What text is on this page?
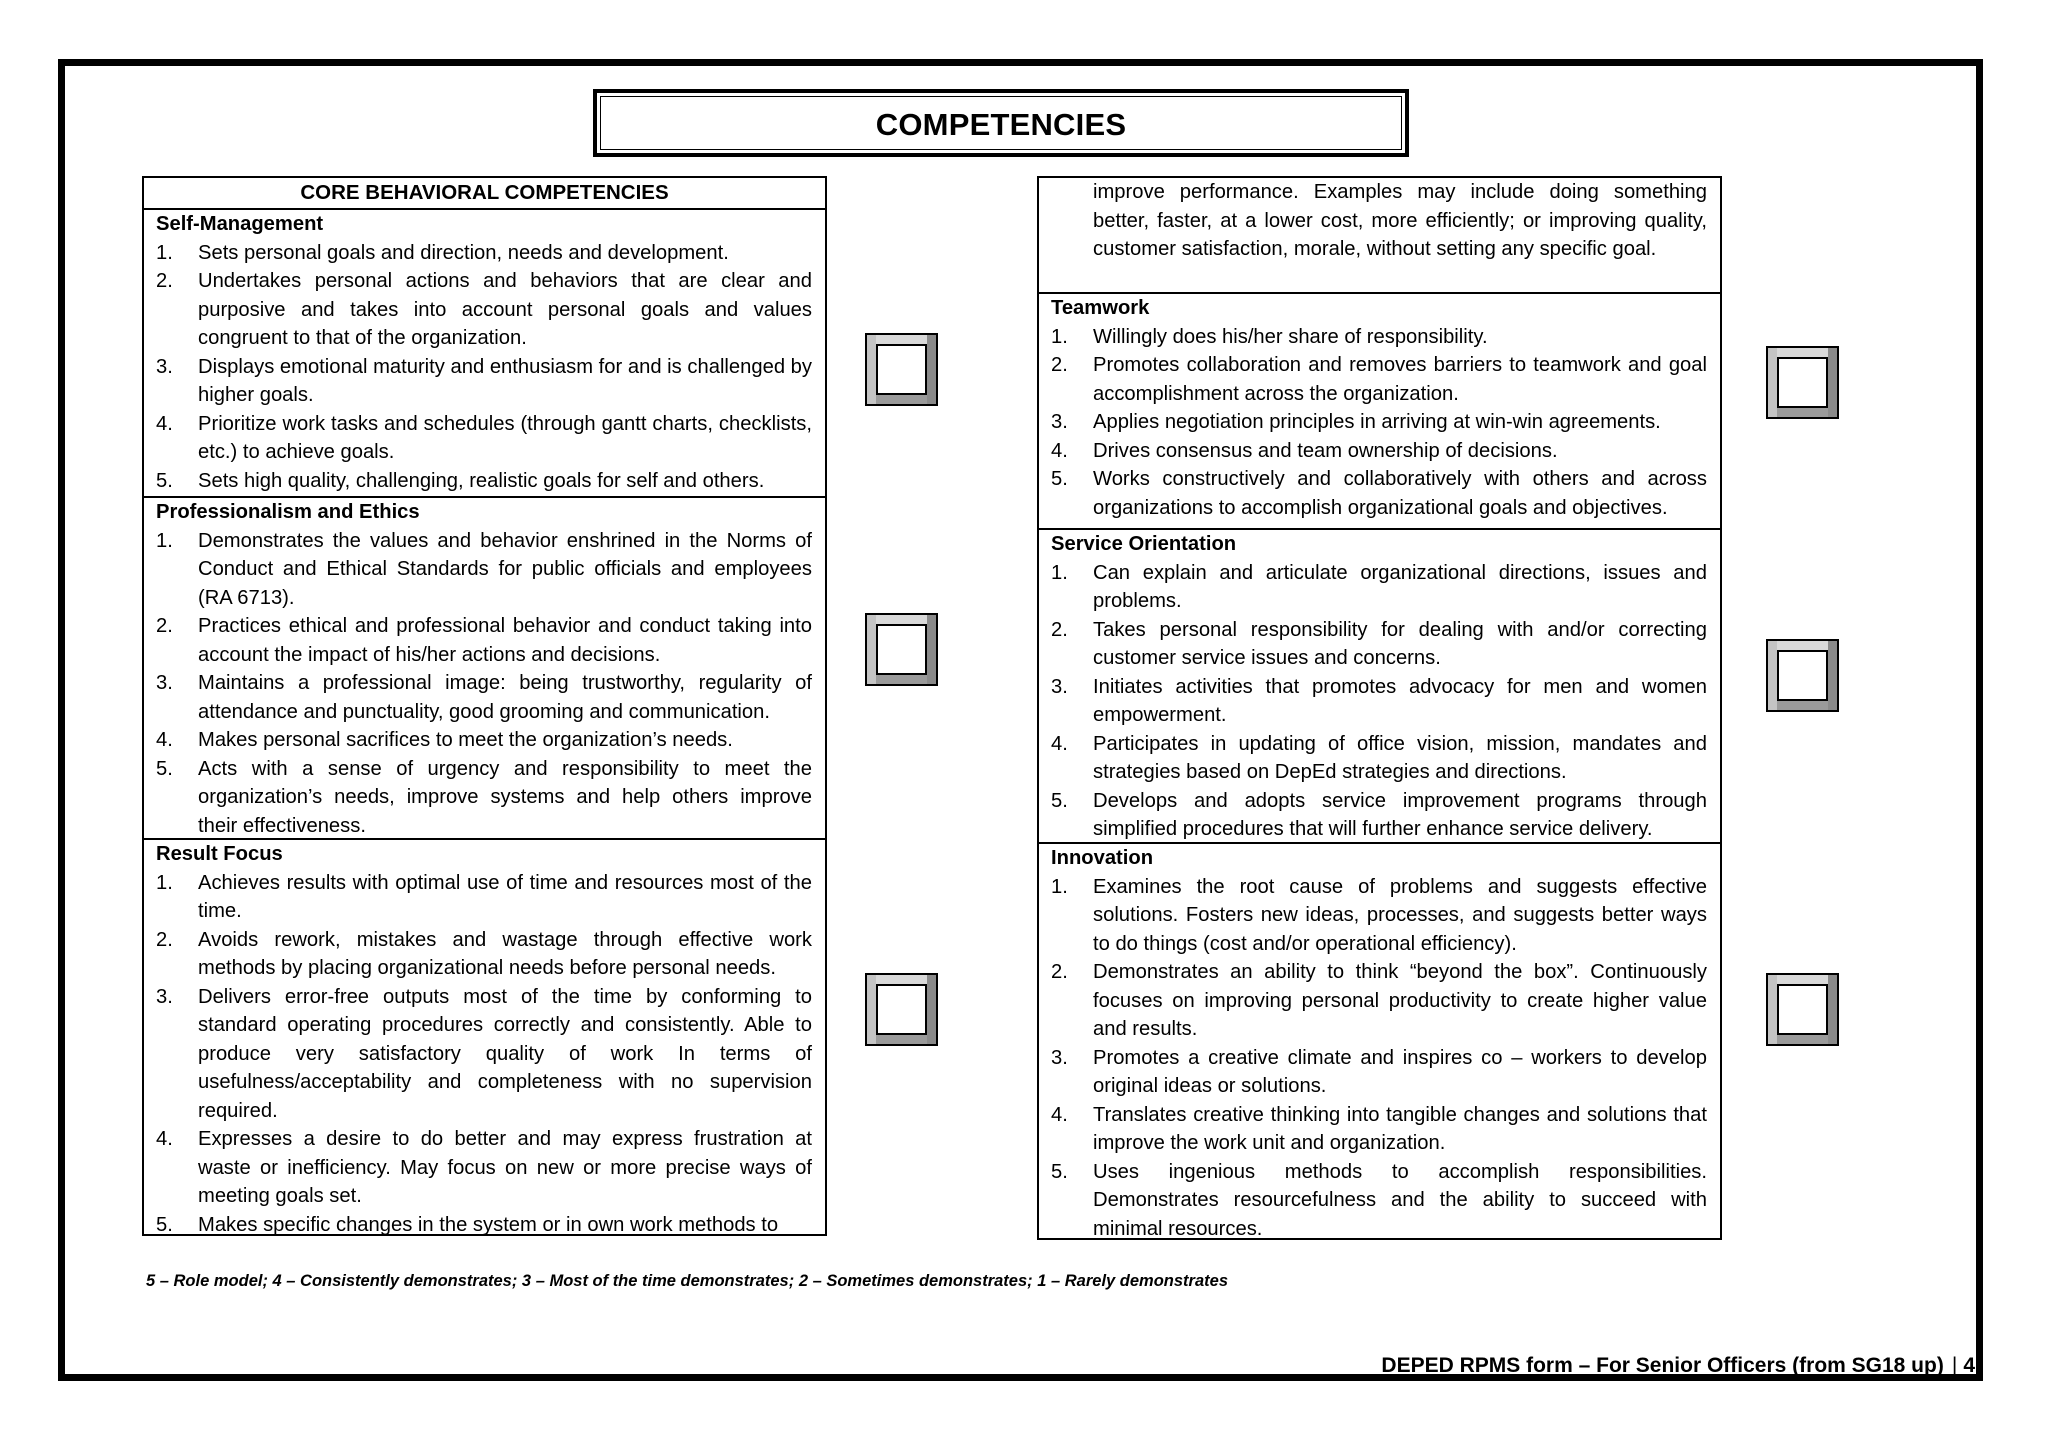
COMPETENCIES
CORE BEHAVIORAL COMPETENCIES
Self-Management
1. Sets personal goals and direction, needs and development.
2. Undertakes personal actions and behaviors that are clear and purposive and takes into account personal goals and values congruent to that of the organization.
3. Displays emotional maturity and enthusiasm for and is challenged by higher goals.
4. Prioritize work tasks and schedules (through gantt charts, checklists, etc.) to achieve goals.
5. Sets high quality, challenging, realistic goals for self and others.
Professionalism and Ethics
1. Demonstrates the values and behavior enshrined in the Norms of Conduct and Ethical Standards for public officials and employees (RA 6713).
2. Practices ethical and professional behavior and conduct taking into account the impact of his/her actions and decisions.
3. Maintains a professional image: being trustworthy, regularity of attendance and punctuality, good grooming and communication.
4. Makes personal sacrifices to meet the organization’s needs.
5. Acts with a sense of urgency and responsibility to meet the organization’s needs, improve systems and help others improve their effectiveness.
Result Focus
1. Achieves results with optimal use of time and resources most of the time.
2. Avoids rework, mistakes and wastage through effective work methods by placing organizational needs before personal needs.
3. Delivers error-free outputs most of the time by conforming to standard operating procedures correctly and consistently. Able to produce very satisfactory quality of work In terms of usefulness/acceptability and completeness with no supervision required.
4. Expresses a desire to do better and may express frustration at waste or inefficiency. May focus on new or more precise ways of meeting goals set.
5. Makes specific changes in the system or in own work methods to
improve performance. Examples may include doing something better, faster, at a lower cost, more efficiently; or improving quality, customer satisfaction, morale, without setting any specific goal.
Teamwork
1. Willingly does his/her share of responsibility.
2. Promotes collaboration and removes barriers to teamwork and goal accomplishment across the organization.
3. Applies negotiation principles in arriving at win-win agreements.
4. Drives consensus and team ownership of decisions.
5. Works constructively and collaboratively with others and across organizations to accomplish organizational goals and objectives.
Service Orientation
1. Can explain and articulate organizational directions, issues and problems.
2. Takes personal responsibility for dealing with and/or correcting customer service issues and concerns.
3. Initiates activities that promotes advocacy for men and women empowerment.
4. Participates in updating of office vision, mission, mandates and strategies based on DepEd strategies and directions.
5. Develops and adopts service improvement programs through simplified procedures that will further enhance service delivery.
Innovation
1. Examines the root cause of problems and suggests effective solutions. Fosters new ideas, processes, and suggests better ways to do things (cost and/or operational efficiency).
2. Demonstrates an ability to think “beyond the box”. Continuously focuses on improving personal productivity to create higher value and results.
3. Promotes a creative climate and inspires co – workers to develop original ideas or solutions.
4. Translates creative thinking into tangible changes and solutions that improve the work unit and organization.
5. Uses ingenious methods to accomplish responsibilities. Demonstrates resourcefulness and the ability to succeed with minimal resources.
5 – Role model; 4 – Consistently demonstrates; 3 – Most of the time demonstrates; 2 – Sometimes demonstrates; 1 – Rarely demonstrates
DEPED RPMS form – For Senior Officers (from SG18 up) | 4
